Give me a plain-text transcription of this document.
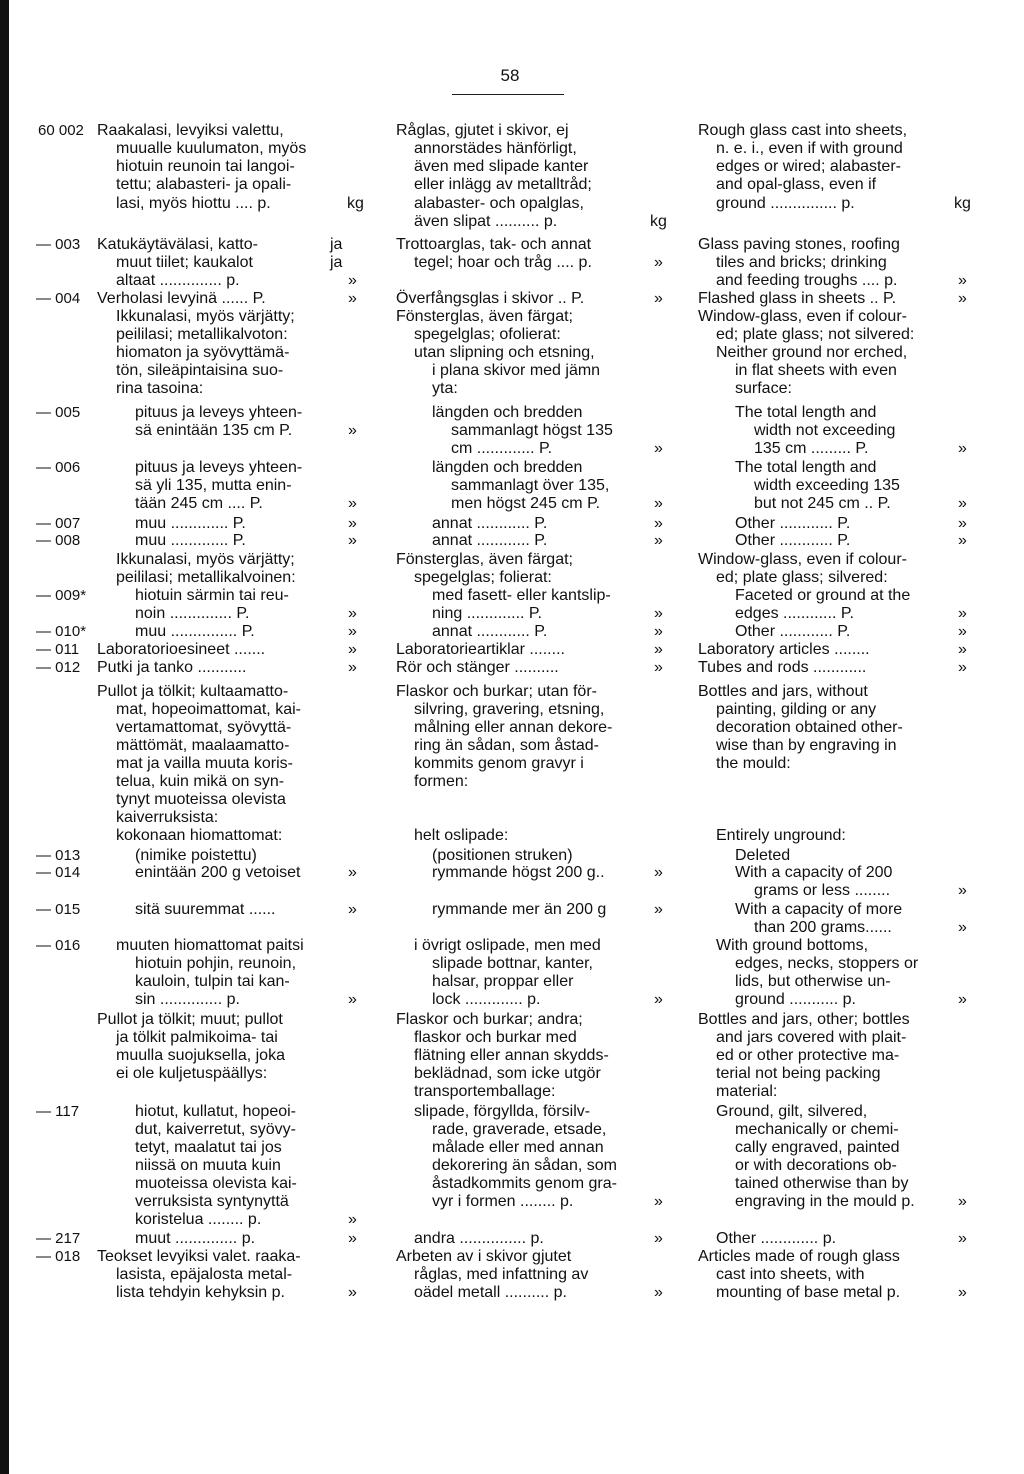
58
60 002
— 003
— 004
— 005
— 006
— 007
— 008
— 009*
— 010*
— 011
— 012
— 013
— 014
— 015
— 016
— 117
— 217
— 018
Raakalasi, levyiksi valettu,
muualle kuulumaton, myös
hiotuin reunoin tai langoi-
tettu; alabasteri- ja opali-
lasi, myös hiottu .... p.
Katukäytävälasi, katto-
muut tiilet; kaukalot
altaat .............. p.
Verholasi levyinä ...... P.
Ikkunalasi, myös värjätty;
peililasi; metallikalvoton:
hiomaton ja syövyttämä-
tön, sileäpintaisina suo-
rina tasoina:
pituus ja leveys yhteen-
sä enintään 135 cm P.
pituus ja leveys yhteen-
sä yli 135, mutta enin-
tään 245 cm .... P.
muu ............. P.
muu ............. P.
Ikkunalasi, myös värjätty;
peililasi; metallikalvoinen:
hiotuin särmin tai reu-
noin .............. P.
muu ............... P.
Laboratorioesineet .......
Putki ja tanko ...........
Pullot ja tölkit; kultaamatto-
mat, hopeoimattomat, kai-
vertamattomat, syövyttä-
mättömät, maalaamatto-
mat ja vailla muuta koris-
telua, kuin mikä on syn-
tynyt muoteissa olevista
kaiverruksista:
kokonaan hiomattomat:
(nimike poistettu)
enintään 200 g vetoiset
sitä suuremmat ......
muuten hiomattomat paitsi
hiotuin pohjin, reunoin,
kauloin, tulpin tai kan-
sin .............. p.
Pullot ja tölkit; muut; pullot
ja tölkit palmikoima- tai
muulla suojuksella, joka
ei ole kuljetuspäällys:
hiotut, kullatut, hopeoi-
dut, kaiverretut, syövy-
tetyt, maalatut tai jos
niissä on muuta kuin
muoteissa olevista kai-
verruksista syntynyttä
koristelua ........ p.
muut .............. p.
Teokset levyiksi valet. raaka-
lasista, epäjalosta metal-
lista tehdyin kehyksin p.
ja
ja
kg
»
»
»
»
»
»
»
»
»
»
»
»
»
»
»
»
Råglas, gjutet i skivor, ej
annorstädes hänförligt,
även med slipade kanter
eller inlägg av metalltråd;
alabaster- och opalglas,
även slipat .......... p.
Trottoarglas, tak- och annat
tegel; hoar och tråg .... p.
Överfångsglas i skivor .. P.
Fönsterglas, även färgat;
spegelglas; ofolierat:
utan slipning och etsning,
i plana skivor med jämn
yta:
längden och bredden
sammanlagt högst 135
cm ............. P.
längden och bredden
sammanlagt över 135,
men högst 245 cm P.
annat ............ P.
annat ............ P.
Fönsterglas, även färgat;
spegelglas; folierat:
med fasett- eller kantslip-
ning ............. P.
annat ............ P.
Laboratorieartiklar ........
Rör och stänger ..........
Flaskor och burkar; utan för-
silvring, gravering, etsning,
målning eller annan dekore-
ring än sådan, som åstad-
kommits genom gravyr i
formen:
helt oslipade:
(positionen struken)
rymmande högst 200 g..
rymmande mer än 200 g
i övrigt oslipade, men med
slipade bottnar, kanter,
halsar, proppar eller
lock ............. p.
Flaskor och burkar; andra;
flaskor och burkar med
flätning eller annan skydds-
beklädnad, som icke utgör
transportemballage:
slipade, förgyllda, försilv-
rade, graverade, etsade,
målade eller med annan
dekorering än sådan, som
åstadkommits genom gra-
vyr i formen ........ p.
andra ............... p.
Arbeten av i skivor gjutet
råglas, med infattning av
oädel metall .......... p.
kg
»
»
»
»
»
»
»
»
»
»
»
»
»
»
»
»
Rough glass cast into sheets,
n. e. i., even if with ground
edges or wired; alabaster-
and opal-glass, even if
ground ............... p.
Glass paving stones, roofing
tiles and bricks; drinking
and feeding troughs .... p.
Flashed glass in sheets .. P.
Window-glass, even if colour-
ed; plate glass; not silvered:
Neither ground nor erched,
in flat sheets with even
surface:
The total length and
width not exceeding
135 cm ......... P.
The total length and
width exceeding 135
but not 245 cm .. P.
Other ............ P.
Other ............ P.
Window-glass, even if colour-
ed; plate glass; silvered:
Faceted or ground at the
edges ............ P.
Other ............ P.
Laboratory articles ........
Tubes and rods ............
Bottles and jars, without
painting, gilding or any
decoration obtained other-
wise than by engraving in
the mould:
Entirely unground:
Deleted
With a capacity of 200
grams or less ........
With a capacity of more
than 200 grams......
With ground bottoms,
edges, necks, stoppers or
lids, but otherwise un-
ground ........... p.
Bottles and jars, other; bottles
and jars covered with plait-
ed or other protective ma-
terial not being packing
material:
Ground, gilt, silvered,
mechanically or chemi-
cally engraved, painted
or with decorations ob-
tained otherwise than by
engraving in the mould p.
Other ............. p.
Articles made of rough glass
cast into sheets, with
mounting of base metal p.
kg
»
»
»
»
»
»
»
»
»
»
»
»
»
»
»
»
